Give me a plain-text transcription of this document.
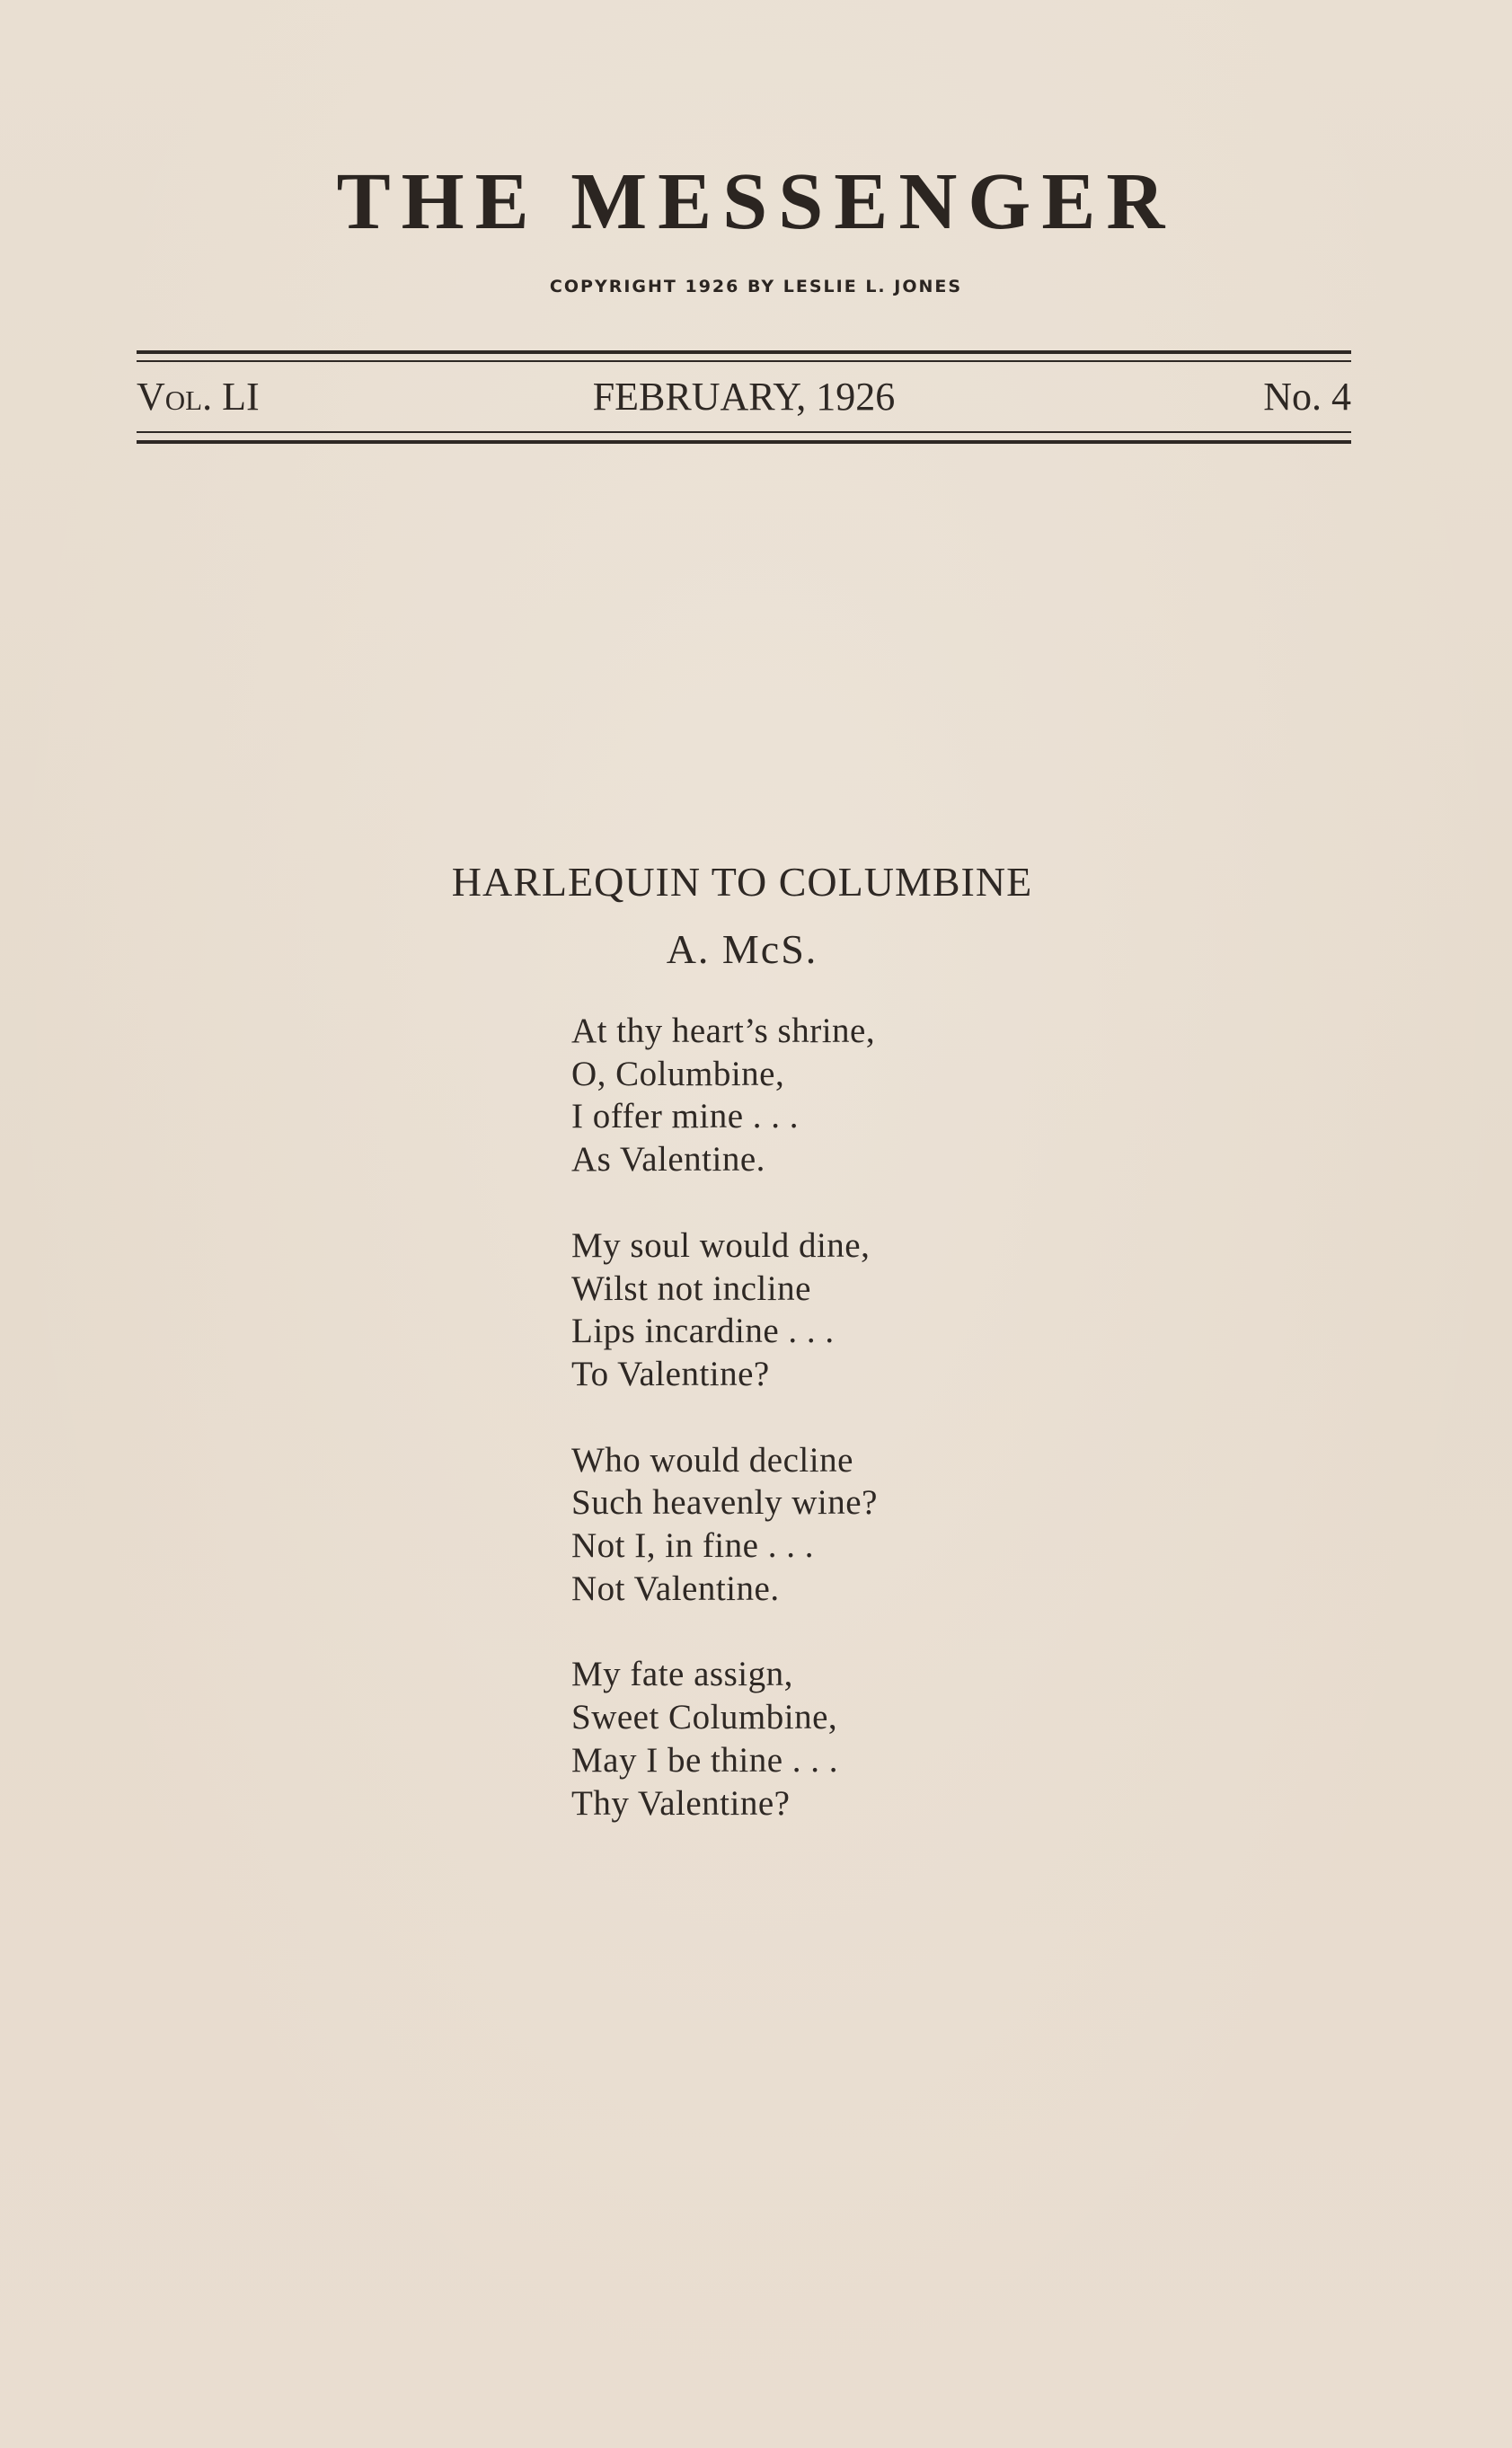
THE MESSENGER
COPYRIGHT 1926 BY LESLIE L. JONES
Vol. LI	FEBRUARY, 1926	No. 4
HARLEQUIN TO COLUMBINE
A. McS.
At thy heart’s shrine,
O, Columbine,
I offer mine . . .
As Valentine.
My soul would dine,
Wilst not incline
Lips incardine . . .
To Valentine?
Who would decline
Such heavenly wine?
Not I, in fine . . .
Not Valentine.
My fate assign,
Sweet Columbine,
May I be thine . . .
Thy Valentine?
